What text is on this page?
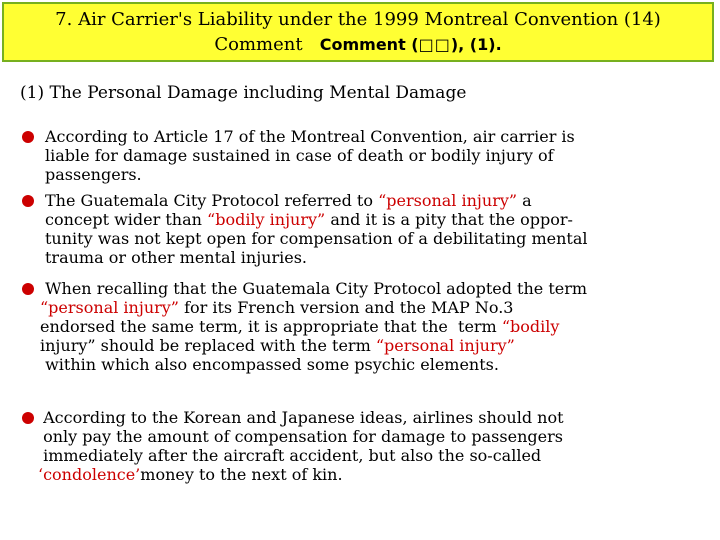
7. Air Carrier's Liability under the 1999 Montreal Convention (14)
Comment Comment (□□), (1).
(1) The Personal Damage including Mental Damage
According to Article 17 of the Montreal Convention, air carrier is
liable for damage sustained in case of death or bodily injury of
passengers.
The Guatemala City Protocol referred to “personal injury” a
concept wider than “bodily injury” and it is a pity that the oppor-
tunity was not kept open for compensation of a debilitating mental
trauma or other mental injuries.
When recalling that the Guatemala City Protocol adopted the term
“personal injury” for its French version and the MAP No.3
endorsed the same term, it is appropriate that the  term “bodily
injury” should be replaced with the term “personal injury”
within which also encompassed some psychic elements.
According to the Korean and Japanese ideas, airlines should not
only pay the amount of compensation for damage to passengers
immediately after the aircraft accident, but also the so-called
‘condolence’money to the next of kin.
